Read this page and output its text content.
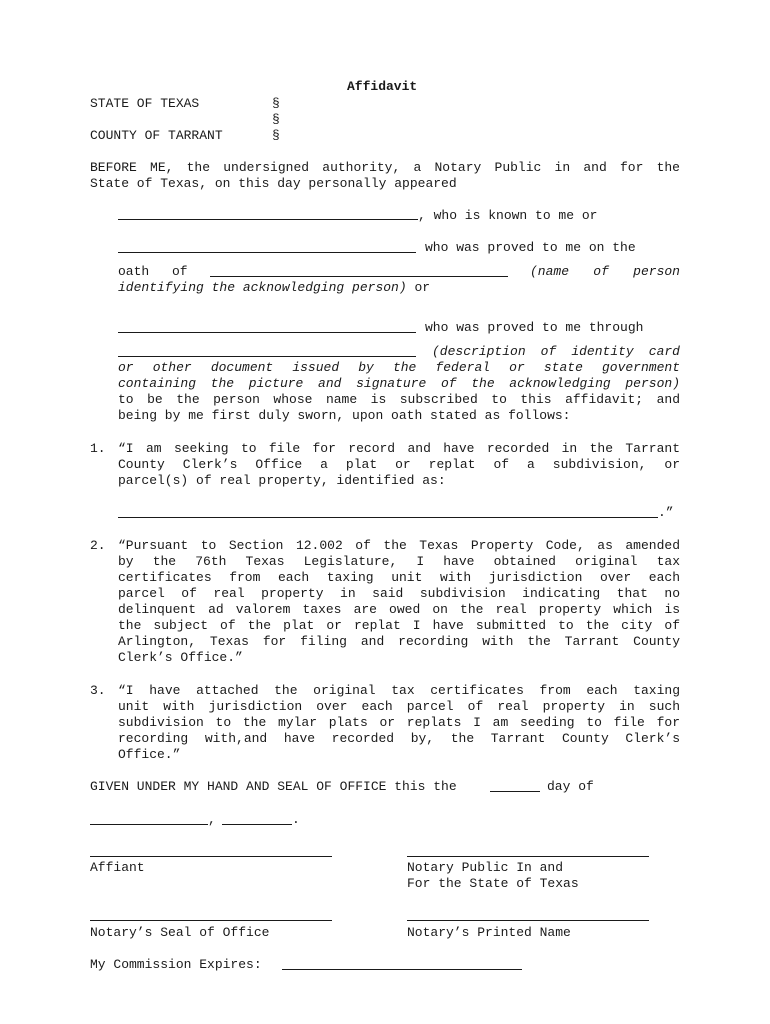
Affidavit
STATE OF TEXAS	§
§
COUNTY OF TARRANT	§
BEFORE ME, the undersigned authority, a Notary Public in and for the
State of Texas, on this day personally appeared
, who is known to me or
who was proved to me on the
oath of	(name of person
identifying the acknowledging person) or
who was proved to me through
(description of identity card
or other document issued by the federal or state government
containing the picture and signature of the acknowledging person)
to be the person whose name is subscribed to this affidavit; and
being by me first duly sworn, upon oath stated as follows:
1. “I am seeking to file for record and have recorded in the Tarrant
County Clerk’s Office a plat or replat of a subdivision, or
parcel(s) of real property, identified as:
.”
2. “Pursuant to Section 12.002 of the Texas Property Code, as amended
by the 76th Texas Legislature, I have obtained original tax
certificates from each taxing unit with jurisdiction over each
parcel of real property in said subdivision indicating that no
delinquent ad valorem taxes are owed on the real property which is
the subject of the plat or replat I have submitted to the city of
Arlington, Texas for filing and recording with the Tarrant County
Clerk’s Office.”
3. “I have attached the original tax certificates from each taxing
unit with jurisdiction over each parcel of real property in such
subdivision to the mylar plats or replats I am seeding to file for
recording with,and have recorded by, the Tarrant County Clerk’s
Office.”
GIVEN UNDER MY HAND AND SEAL OF OFFICE this the	day of
,	.
Affiant	Notary Public In and
For the State of Texas
Notary’s Seal of Office	Notary’s Printed Name
My Commission Expires:
